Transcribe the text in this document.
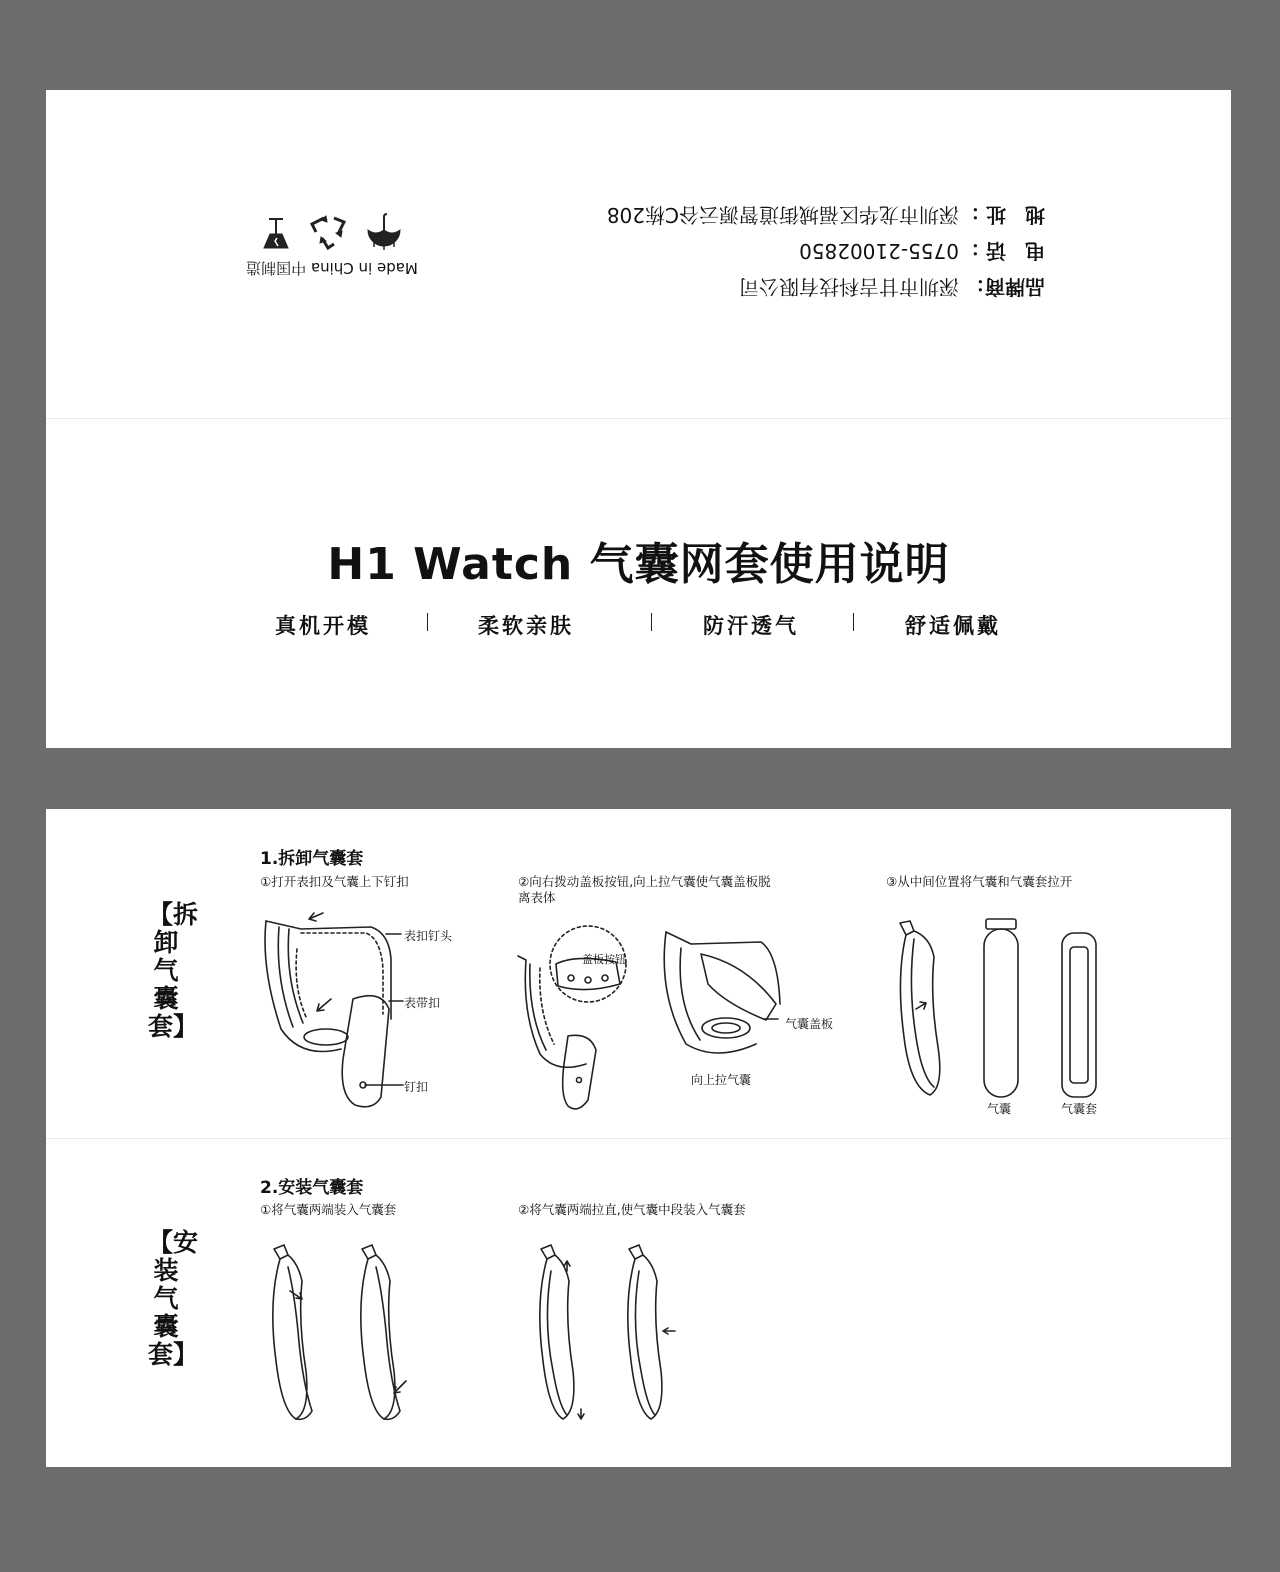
品牌商：深圳市甘吉科技有限公司
电 话：0755-21002850
地 址：深圳市龙华区福城街道智源云谷C栋208
Made in China 中国制造
H1 Watch 气囊网套使用说明
真机开模	柔软亲肤	防汗透气	舒适佩戴
【拆卸气囊套】
1.拆卸气囊套
①打开表扣及气囊上下钉扣	②向右拨动盖板按钮,向上拉气囊使气囊盖板脱离表体
③从中间位置将气囊和气囊套拉开
表扣钉头
表带扣
钉扣
盖板按钮
气囊盖板
向上拉气囊
气囊	气囊套
【安装气囊套】
2.安装气囊套
①将气囊两端装入气囊套	②将气囊两端拉直,使气囊中段装入气囊套
